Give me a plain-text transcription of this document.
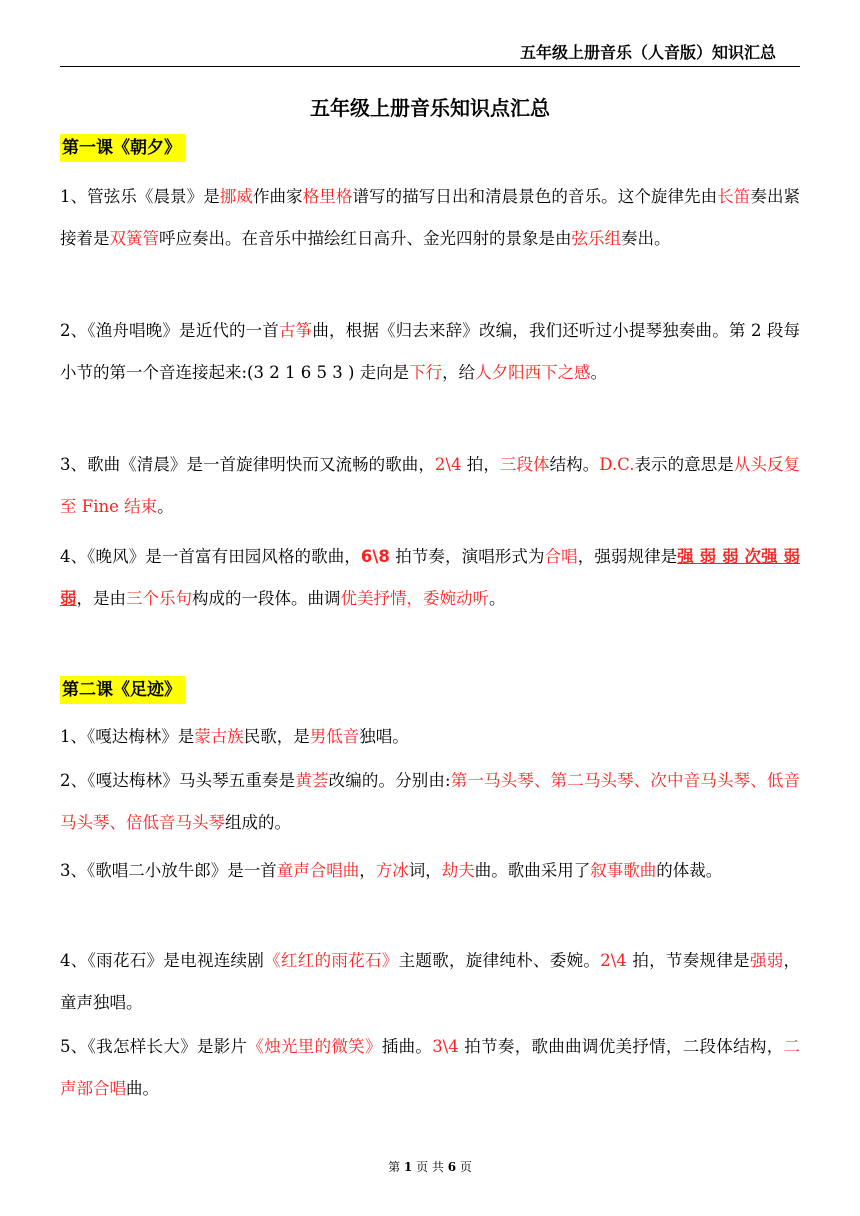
五年级上册音乐（人音版）知识汇总
五年级上册音乐知识点汇总
第一课《朝夕》
1、管弦乐《晨景》是挪威作曲家格里格谱写的描写日出和清晨景色的音乐。这个旋律先由长笛奏出紧接着是双簧管呼应奏出。在音乐中描绘红日高升、金光四射的景象是由弦乐组奏出。
2、《渔舟唱晚》是近代的一首古筝曲，根据《归去来辞》改编，我们还听过小提琴独奏曲。第 2 段每小节的第一个音连接起来:(3 2 1 6 5 3 ) 走向是下行，给人夕阳西下之感。
3、歌曲《清晨》是一首旋律明快而又流畅的歌曲，2\4 拍，三段体结构。D.C.表示的意思是从头反复至 Fine 结束。
4、《晚风》是一首富有田园风格的歌曲，6\8 拍节奏，演唱形式为合唱，强弱规律是强 弱 弱 次强 弱 弱，是由三个乐句构成的一段体。曲调优美抒情，委婉动听。
第二课《足迹》
1、《嘎达梅林》是蒙古族民歌，是男低音独唱。
2、《嘎达梅林》马头琴五重奏是黄荟改编的。分别由:第一马头琴、第二马头琴、次中音马头琴、低音马头琴、倍低音马头琴组成的。
3、《歌唱二小放牛郎》是一首童声合唱曲，方冰词，劫夫曲。歌曲采用了叙事歌曲的体裁。
4、《雨花石》是电视连续剧《红红的雨花石》主题歌，旋律纯朴、委婉。2\4 拍，节奏规律是强弱，童声独唱。
5、《我怎样长大》是影片《烛光里的微笑》插曲。3\4 拍节奏，歌曲曲调优美抒情，二段体结构，二声部合唱曲。
第 1 页 共 6 页
